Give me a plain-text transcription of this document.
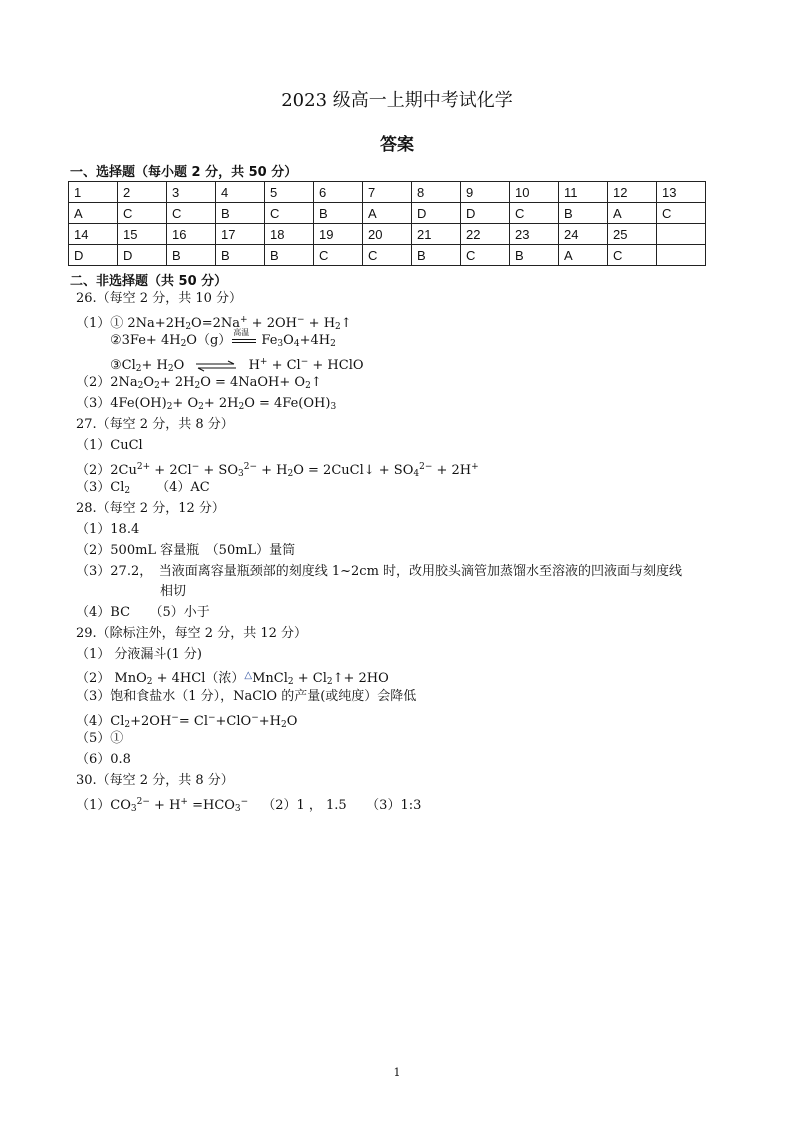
2023 级高一上期中考试化学
答案
一、选择题（每小题 2 分，共 50 分）
1	2	3	4	5	6	7	8	9	10	11	12	13
A	C	C	B	C	B	A	D	D	C	B	A	C
14	15	16	17	18	19	20	21	22	23	24	25	
D	D	B	B	B	C	C	B	C	B	A	C	
二、非选择题（共 50 分）
26.（每空 2 分，共 10 分）
（1）① $2Na+2H_2O=2Na^+ + 2OH^-$ + $H_2↑$
②3Fe+ $4H_2O(g)$
高温
$Fe_3O_4+4H_2$
$③Cl_2+ H_2O$ ⇌ H+ + Cl− + HClO
$(2)2Na_2O_2+ 2H_2O$ = 4NaOH+ $O_2↑$
$(3)4Fe(OH)_2+ O_2+ 2H_2O = 4Fe(OH)_3$
27.（每空 2 分，共 8 分）
（1）CuCl
$(2)2Cu^{2+} + 2Cl^- + SO_3^{2-} + H_2O$ = 2CuCl↓ + $SO_4^{2-} + 2H^+$
$(3)Cl_2$ （4）AC
28.（每空 2 分，12 分）
（1）18.4
（2）500mL 容量瓶　（50mL）量筒
（3）27.2，　当液面离容量瓶颈部的刻度线 1~2cm 时，改用胶头滴管加蒸馏水至溶液的凹液面与刻度线
相切
（4）BC　　（5）小于
29.（除标注外，每空 2 分，共 12 分）
（1） 分液漏斗(1 分)
（2） MnO$_2$ + 4HCl（浓）△MnCl$_2$ + $Cl_2↑+ 2HO$
（3）饱和食盐水（1 分），NaClO 的产量(或纯度）会降低
$(4)Cl_2+2OH^-= Cl^-+ClO^-+H_2O$
（5）①
（6）0.8
30.（每空 2 分，共 8 分）
$(1)CO_3^{2-} + H^+ =HCO_3^-$ （2）1 ， 1.5　　（3）1:3
1
